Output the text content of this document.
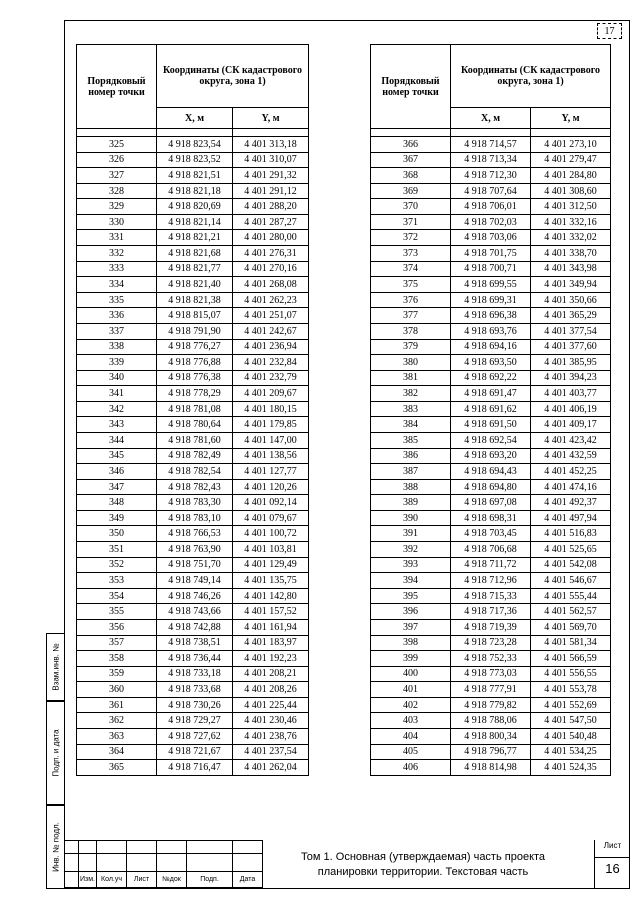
17
Порядковый номер точки	Координаты (СК кадастрового округа, зона 1)	
	X, м	Y, м

325	4 918 823,54	4 401 313,18
326	4 918 823,52	4 401 310,07
327	4 918 821,51	4 401 291,32
328	4 918 821,18	4 401 291,12
329	4 918 820,69	4 401 288,20
330	4 918 821,14	4 401 287,27
331	4 918 821,21	4 401 280,00
332	4 918 821,68	4 401 276,31
333	4 918 821,77	4 401 270,16
334	4 918 821,40	4 401 268,08
335	4 918 821,38	4 401 262,23
336	4 918 815,07	4 401 251,07
337	4 918 791,90	4 401 242,67
338	4 918 776,27	4 401 236,94
339	4 918 776,88	4 401 232,84
340	4 918 776,38	4 401 232,79
341	4 918 778,29	4 401 209,67
342	4 918 781,08	4 401 180,15
343	4 918 780,64	4 401 179,85
344	4 918 781,60	4 401 147,00
345	4 918 782,49	4 401 138,56
346	4 918 782,54	4 401 127,77
347	4 918 782,43	4 401 120,26
348	4 918 783,30	4 401 092,14
349	4 918 783,10	4 401 079,67
350	4 918 766,53	4 401 100,72
351	4 918 763,90	4 401 103,81
352	4 918 751,70	4 401 129,49
353	4 918 749,14	4 401 135,75
354	4 918 746,26	4 401 142,80
355	4 918 743,66	4 401 157,52
356	4 918 742,88	4 401 161,94
357	4 918 738,51	4 401 183,97
358	4 918 736,44	4 401 192,23
359	4 918 733,18	4 401 208,21
360	4 918 733,68	4 401 208,26
361	4 918 730,26	4 401 225,44
362	4 918 729,27	4 401 230,46
363	4 918 727,62	4 401 238,76
364	4 918 721,67	4 401 237,54
365	4 918 716,47	4 401 262,04
Порядковый номер точки	Координаты (СК кадастрового округа, зона 1)	
	X, м	Y, м

366	4 918 714,57	4 401 273,10
367	4 918 713,34	4 401 279,47
368	4 918 712,30	4 401 284,80
369	4 918 707,64	4 401 308,60
370	4 918 706,01	4 401 312,50
371	4 918 702,03	4 401 332,16
372	4 918 703,06	4 401 332,02
373	4 918 701,75	4 401 338,70
374	4 918 700,71	4 401 343,98
375	4 918 699,55	4 401 349,94
376	4 918 699,31	4 401 350,66
377	4 918 696,38	4 401 365,29
378	4 918 693,76	4 401 377,54
379	4 918 694,16	4 401 377,60
380	4 918 693,50	4 401 385,95
381	4 918 692,22	4 401 394,23
382	4 918 691,47	4 401 403,77
383	4 918 691,62	4 401 406,19
384	4 918 691,50	4 401 409,17
385	4 918 692,54	4 401 423,42
386	4 918 693,20	4 401 432,59
387	4 918 694,43	4 401 452,25
388	4 918 694,80	4 401 474,16
389	4 918 697,08	4 401 492,37
390	4 918 698,31	4 401 497,94
391	4 918 703,45	4 401 516,83
392	4 918 706,68	4 401 525,65
393	4 918 711,72	4 401 542,08
394	4 918 712,96	4 401 546,67
395	4 918 715,33	4 401 555,44
396	4 918 717,36	4 401 562,57
397	4 918 719,39	4 401 569,70
398	4 918 723,28	4 401 581,34
399	4 918 752,33	4 401 566,59
400	4 918 773,03	4 401 556,55
401	4 918 777,91	4 401 553,78
402	4 918 779,82	4 401 552,69
403	4 918 788,06	4 401 547,50
404	4 918 800,34	4 401 540,48
405	4 918 796,77	4 401 534,25
406	4 918 814,98	4 401 524,35
Взам.инв. №
Подп. и дата
Инв. № подл.

	Изм.	Кол.уч	Лист	№док	Подп.	Дата
Том 1. Основная (утверждаемая) часть проекта планировки территории. Текстовая часть
Лист
16
